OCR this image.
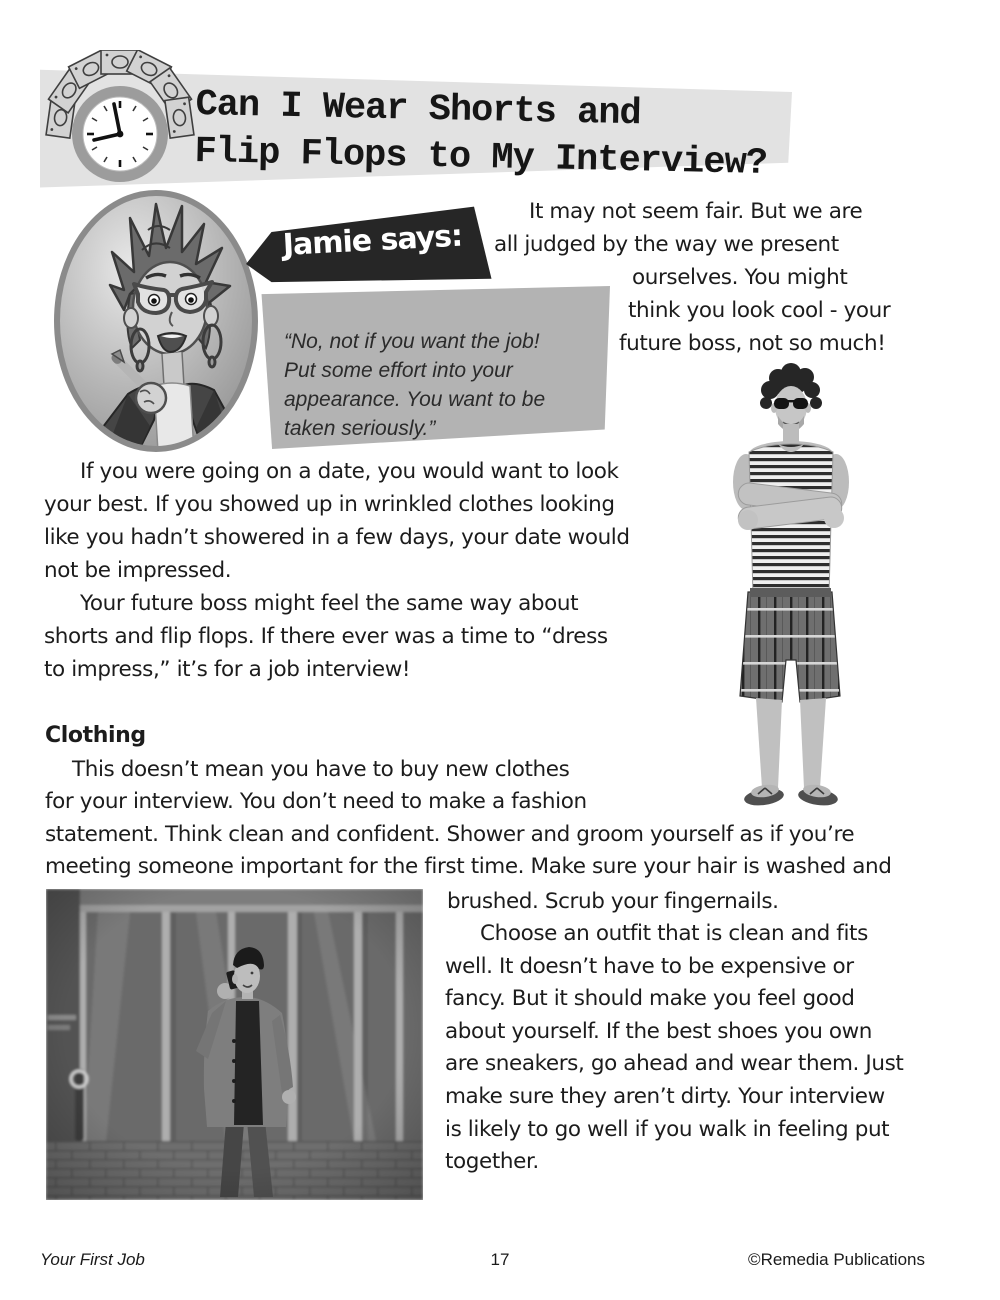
Can I Wear Shorts and
Flip Flops to My Interview?
Jamie says:
“No, not if you want the job!
Put some effort into your
appearance. You want to be
taken seriously.”
It may not seem fair. But we are
all judged by the way we present
ourselves. You might
think you look cool - your
future boss, not so much!
If you were going on a date, you would want to look
your best. If you showed up in wrinkled clothes looking
like you hadn’t showered in a few days, your date would
not be impressed.
Your future boss might feel the same way about
shorts and flip flops. If there ever was a time to “dress
to impress,” it’s for a job interview!
Clothing
This doesn’t mean you have to buy new clothes
for your interview. You don’t need to make a fashion
statement. Think clean and confident. Shower and groom yourself as if you’re
meeting someone important for the first time. Make sure your hair is washed and
brushed. Scrub your fingernails.
Choose an outfit that is clean and fits
well. It doesn’t have to be expensive or
fancy. But it should make you feel good
about yourself. If the best shoes you own
are sneakers, go ahead and wear them. Just
make sure they aren’t dirty. Your interview
is likely to go well if you walk in feeling put
together.
Your First Job	17	©Remedia Publications
